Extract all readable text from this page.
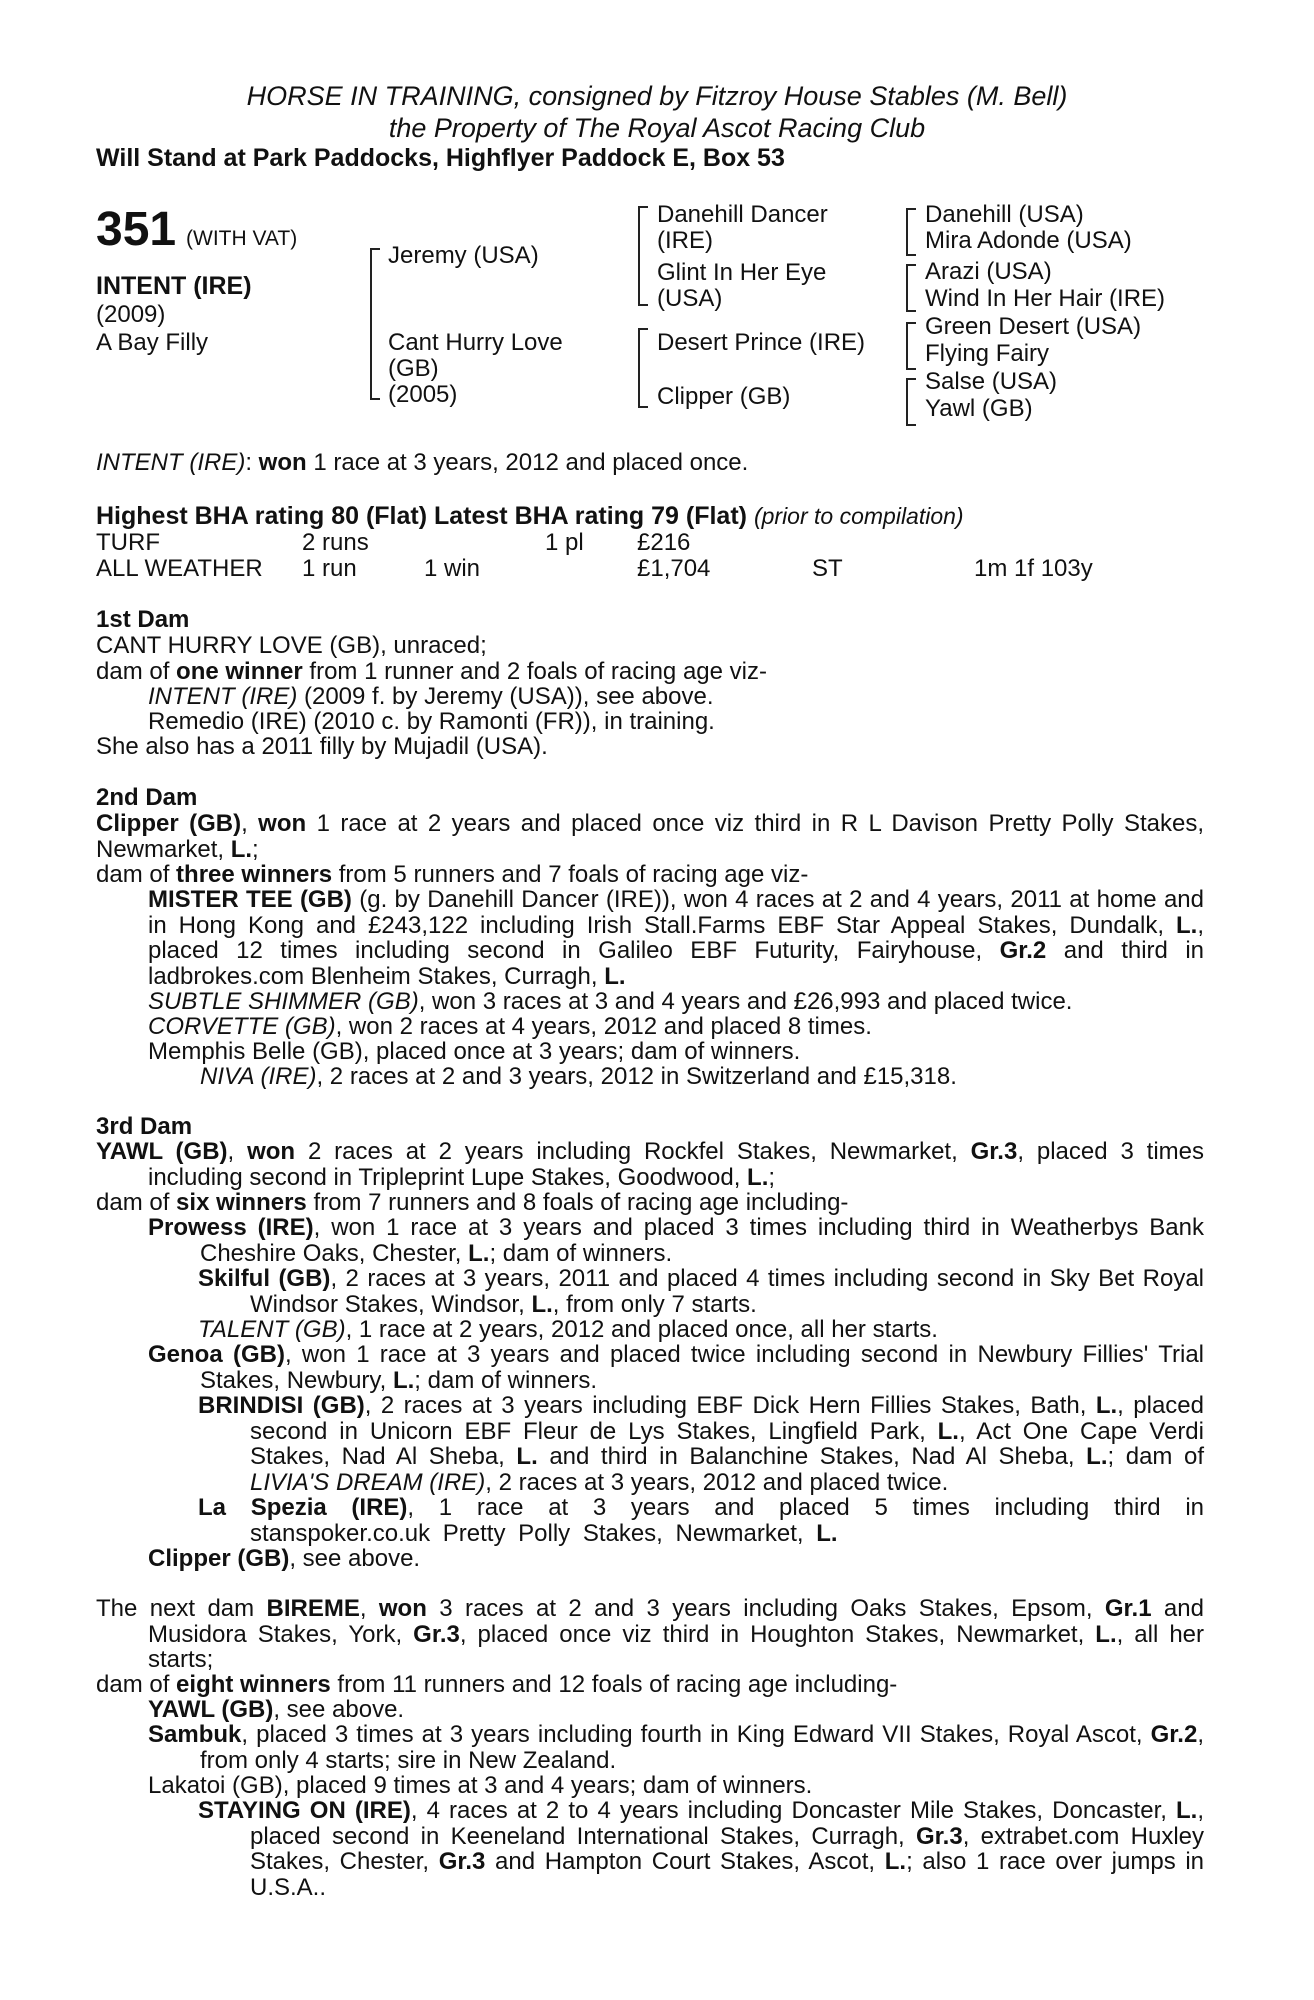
HORSE IN TRAINING, consigned by Fitzroy House Stables (M. Bell)
the Property of The Royal Ascot Racing Club
Will Stand at Park Paddocks, Highflyer Paddock E, Box 53
351 (WITH VAT)
INTENT (IRE)
(2009)
A Bay Filly
Jeremy (USA)
Cant Hurry Love
(GB)
(2005)
Danehill Dancer
(IRE)
Glint In Her Eye
(USA)
Desert Prince (IRE)
Clipper (GB)
Danehill (USA)
Mira Adonde (USA)
Arazi (USA)
Wind In Her Hair (IRE)
Green Desert (USA)
Flying Fairy
Salse (USA)
Yawl (GB)
INTENT (IRE): won 1 race at 3 years, 2012 and placed once.
Highest BHA rating 80 (Flat) Latest BHA rating 79 (Flat) (prior to compilation)
TURF	2 runs	1 pl £216
ALL WEATHER 1 run	1 win	£1,704	ST	1m 1f 103y
1st Dam
CANT HURRY LOVE (GB), unraced;
dam of one winner from 1 runner and 2 foals of racing age viz-
INTENT (IRE) (2009 f. by Jeremy (USA)), see above.
Remedio (IRE) (2010 c. by Ramonti (FR)), in training.
She also has a 2011 filly by Mujadil (USA).
2nd Dam
Clipper (GB), won 1 race at 2 years and placed once viz third in R L Davison Pretty Polly Stakes, Newmarket, L.;
dam of three winners from 5 runners and 7 foals of racing age viz-
MISTER TEE (GB) (g. by Danehill Dancer (IRE)), won 4 races at 2 and 4 years, 2011 at home and in Hong Kong and £243,122 including Irish Stall.Farms EBF Star Appeal Stakes, Dundalk, L., placed 12 times including second in Galileo EBF Futurity, Fairyhouse, Gr.2 and third in ladbrokes.com Blenheim Stakes, Curragh, L.
SUBTLE SHIMMER (GB), won 3 races at 3 and 4 years and £26,993 and placed twice.
CORVETTE (GB), won 2 races at 4 years, 2012 and placed 8 times.
Memphis Belle (GB), placed once at 3 years; dam of winners.
NIVA (IRE), 2 races at 2 and 3 years, 2012 in Switzerland and £15,318.
3rd Dam
YAWL (GB), won 2 races at 2 years including Rockfel Stakes, Newmarket, Gr.3, placed 3 times including second in Tripleprint Lupe Stakes, Goodwood, L.;
dam of six winners from 7 runners and 8 foals of racing age including-
Prowess (IRE), won 1 race at 3 years and placed 3 times including third in Weatherbys Bank Cheshire Oaks, Chester, L.; dam of winners.
Skilful (GB), 2 races at 3 years, 2011 and placed 4 times including second in Sky Bet Royal Windsor Stakes, Windsor, L., from only 7 starts.
TALENT (GB), 1 race at 2 years, 2012 and placed once, all her starts.
Genoa (GB), won 1 race at 3 years and placed twice including second in Newbury Fillies' Trial Stakes, Newbury, L.; dam of winners.
BRINDISI (GB), 2 races at 3 years including EBF Dick Hern Fillies Stakes, Bath, L., placed second in Unicorn EBF Fleur de Lys Stakes, Lingfield Park, L., Act One Cape Verdi Stakes, Nad Al Sheba, L. and third in Balanchine Stakes, Nad Al Sheba, L.; dam of LIVIA'S DREAM (IRE), 2 races at 3 years, 2012 and placed twice.
La Spezia (IRE), 1 race at 3 years and placed 5 times including third in stanspoker.co.uk Pretty Polly Stakes, Newmarket, L.
Clipper (GB), see above.
The next dam BIREME, won 3 races at 2 and 3 years including Oaks Stakes, Epsom, Gr.1 and Musidora Stakes, York, Gr.3, placed once viz third in Houghton Stakes, Newmarket, L., all her starts;
dam of eight winners from 11 runners and 12 foals of racing age including-
YAWL (GB), see above.
Sambuk, placed 3 times at 3 years including fourth in King Edward VII Stakes, Royal Ascot, Gr.2, from only 4 starts; sire in New Zealand.
Lakatoi (GB), placed 9 times at 3 and 4 years; dam of winners.
STAYING ON (IRE), 4 races at 2 to 4 years including Doncaster Mile Stakes, Doncaster, L., placed second in Keeneland International Stakes, Curragh, Gr.3, extrabet.com Huxley Stakes, Chester, Gr.3 and Hampton Court Stakes, Ascot, L.; also 1 race over jumps in U.S.A..
